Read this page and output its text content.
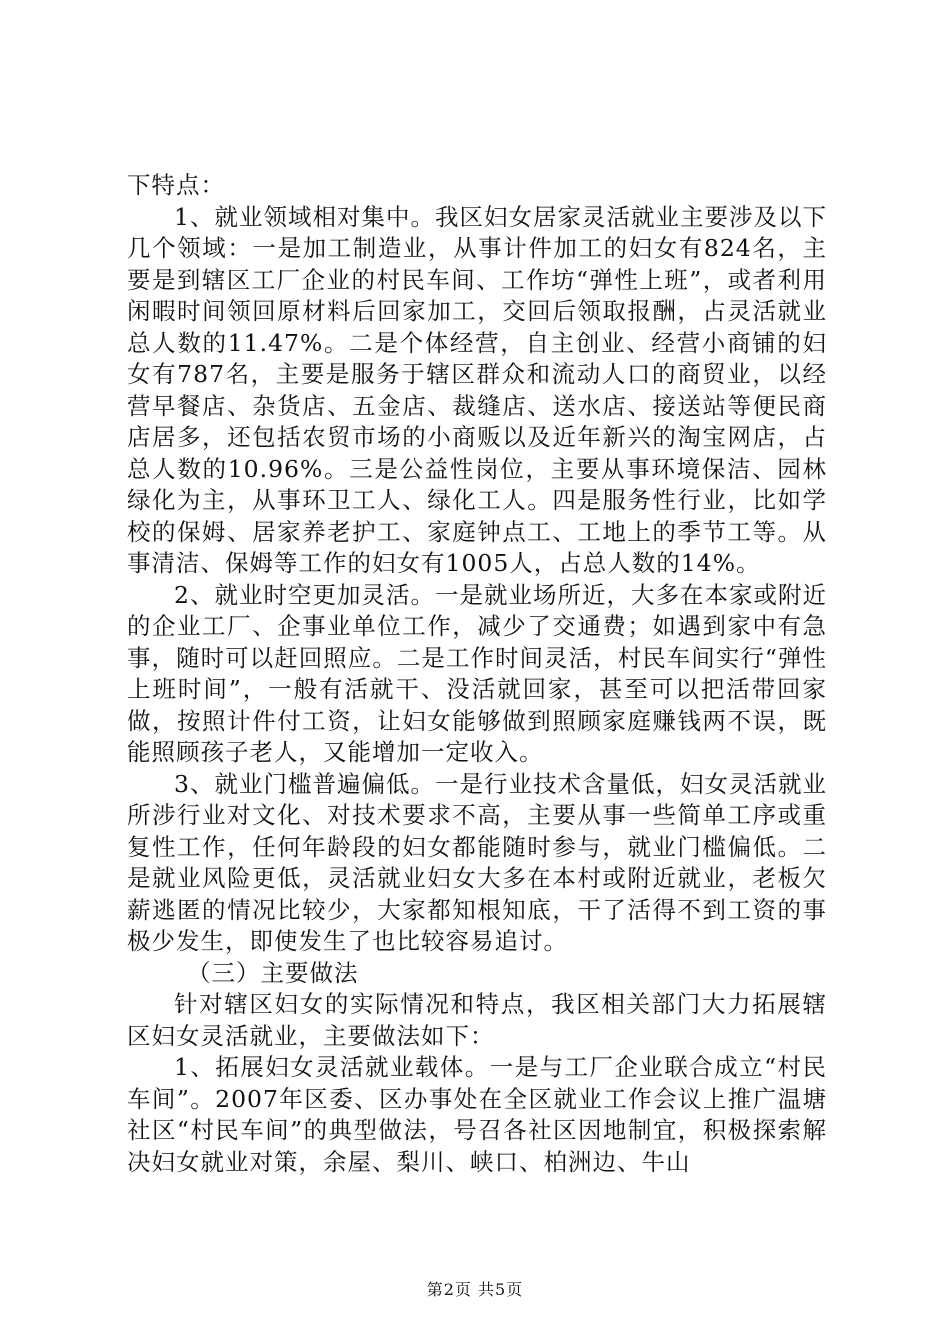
下特点：

1、就业领域相对集中。我区妇女居家灵活就业主要涉及以下几个领域：一是加工制造业，从事计件加工的妇女有824名，主要是到辖区工厂企业的村民车间、工作坊“弹性上班”，或者利用闲暇时间领回原材料后回家加工，交回后领取报酬，占灵活就业总人数的11.47%。二是个体经营，自主创业、经营小商铺的妇女有787名，主要是服务于辖区群众和流动人口的商贸业，以经营早餐店、杂货店、五金店、裁缝店、送水店、接送站等便民商店居多，还包括农贸市场的小商贩以及近年新兴的淘宝网店，占总人数的10.96%。三是公益性岗位，主要从事环境保洁、园林绿化为主，从事环卫工人、绿化工人。四是服务性行业，比如学校的保姆、居家养老护工、家庭钟点工、工地上的季节工等。从事清洁、保姆等工作的妇女有1005人，占总人数的14%。

2、就业时空更加灵活。一是就业场所近，大多在本家或附近的企业工厂、企事业单位工作，减少了交通费；如遇到家中有急事，随时可以赶回照应。二是工作时间灵活，村民车间实行“弹性上班时间”，一般有活就干、没活就回家，甚至可以把活带回家做，按照计件付工资，让妇女能够做到照顾家庭赚钱两不误，既能照顾孩子老人，又能增加一定收入。

3、就业门槛普遍偏低。一是行业技术含量低，妇女灵活就业所涉行业对文化、对技术要求不高，主要从事一些简单工序或重复性工作，任何年龄段的妇女都能随时参与，就业门槛偏低。二是就业风险更低，灵活就业妇女大多在本村或附近就业，老板欠薪逃匿的情况比较少，大家都知根知底，干了活得不到工资的事极少发生，即使发生了也比较容易追讨。

（三）主要做法

针对辖区妇女的实际情况和特点，我区相关部门大力拓展辖区妇女灵活就业，主要做法如下：

1、拓展妇女灵活就业载体。一是与工厂企业联合成立“村民车间”。2007年区委、区办事处在全区就业工作会议上推广温塘社区“村民车间”的典型做法，号召各社区因地制宜，积极探索解决妇女就业对策，余屋、梨川、峡口、柏洲边、牛山

第2页 共5页
